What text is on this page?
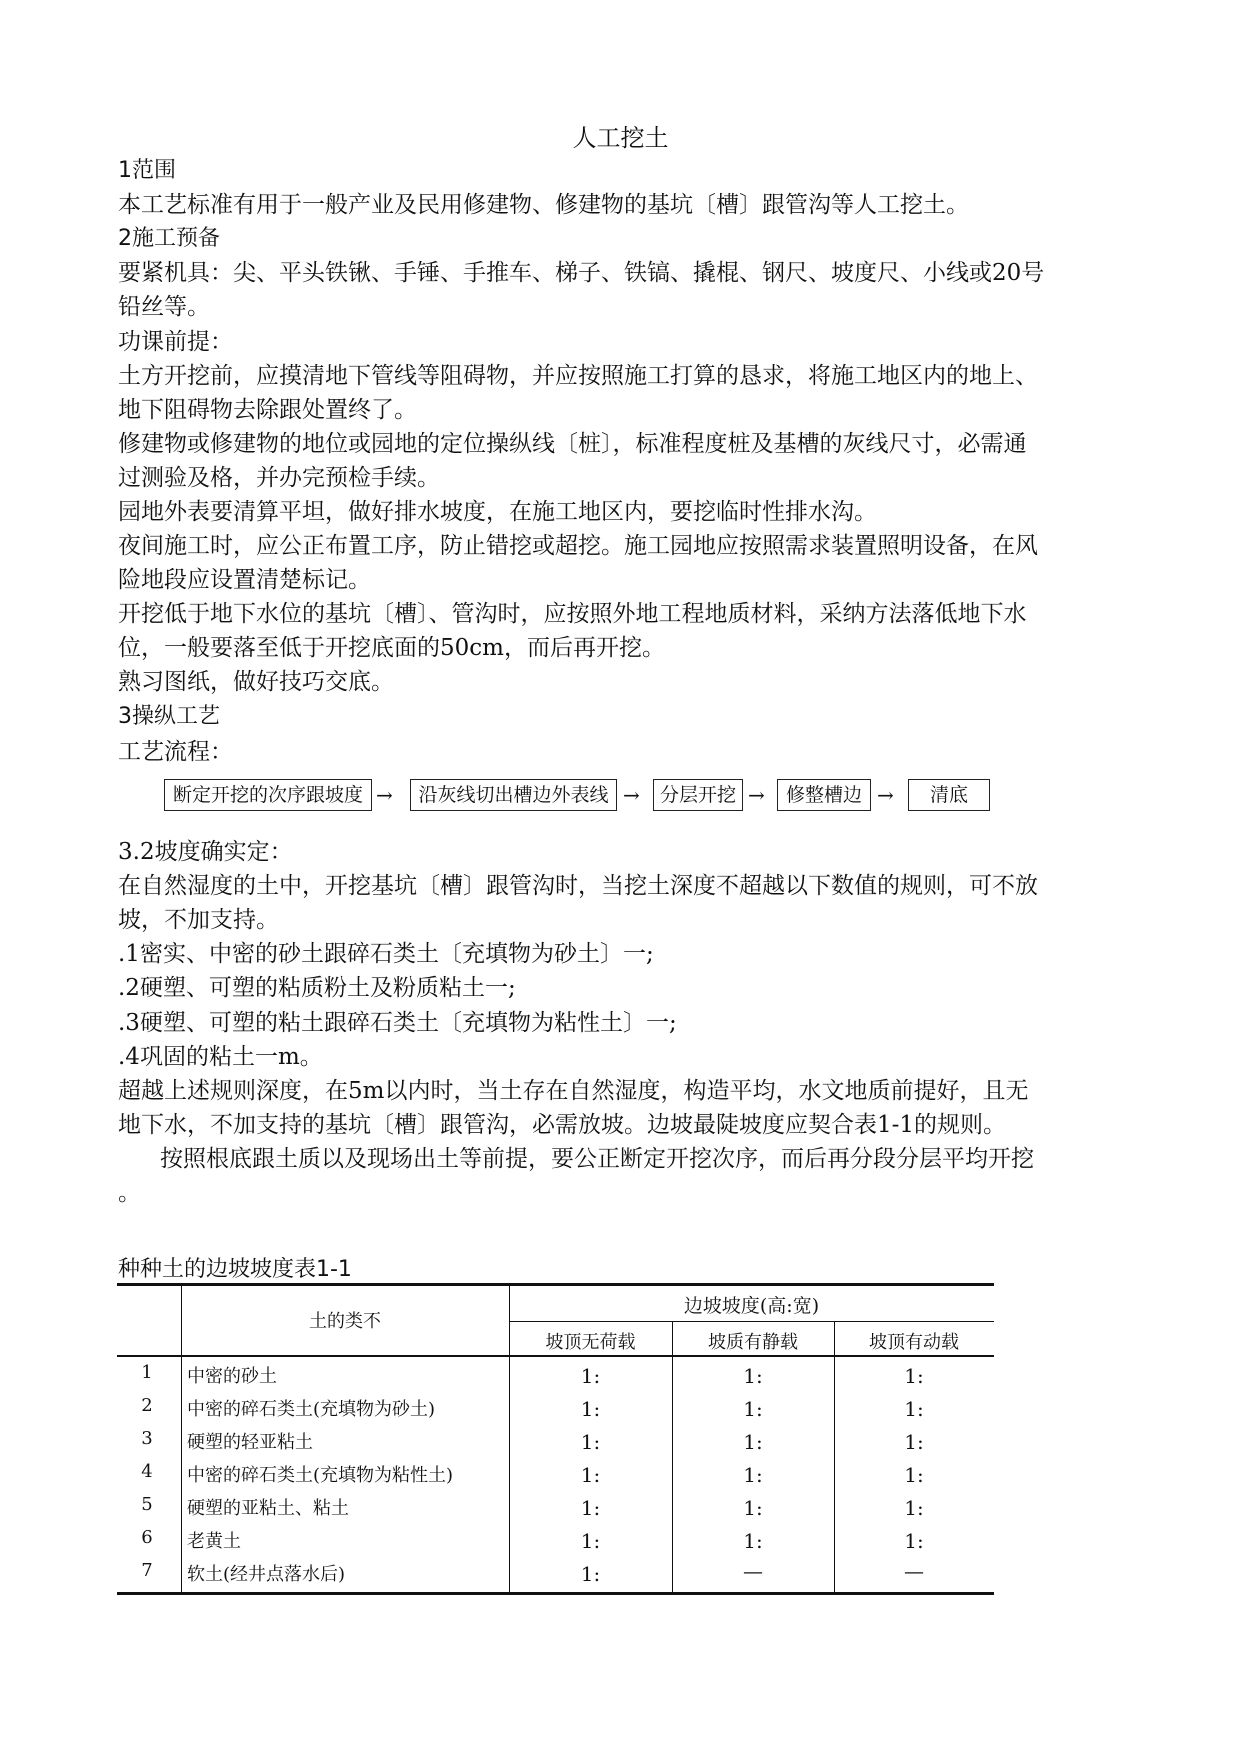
人工挖土
1范围
本工艺标准有用于一般产业及民用修建物、修建物的基坑〔槽〕跟管沟等人工挖土。
2施工预备
要紧机具：尖、平头铁锹、手锤、手推车、梯子、铁镐、撬棍、钢尺、坡度尺、小线或20号
铅丝等。
功课前提：
土方开挖前，应摸清地下管线等阻碍物，并应按照施工打算的恳求，将施工地区内的地上、
地下阻碍物去除跟处置终了。
修建物或修建物的地位或园地的定位操纵线〔桩〕，标准程度桩及基槽的灰线尺寸，必需通
过测验及格，并办完预检手续。
园地外表要清算平坦，做好排水坡度，在施工地区内，要挖临时性排水沟。
夜间施工时，应公正布置工序，防止错挖或超挖。施工园地应按照需求装置照明设备，在风
险地段应设置清楚标记。
开挖低于地下水位的基坑〔槽〕、管沟时，应按照外地工程地质材料，采纳方法落低地下水
位，一般要落至低于开挖底面的50cm，而后再开挖。
熟习图纸，做好技巧交底。
3操纵工艺
工艺流程：
断定开挖的次序跟坡度 →	沿灰线切出槽边外表线 →	分层开挖 →	修整槽边 →	清底
3.2坡度确实定：
在自然湿度的土中，开挖基坑〔槽〕跟管沟时，当挖土深度不超越以下数值的规则，可不放
坡，不加支持。
.1密实、中密的砂土跟碎石类土〔充填物为砂土〕一;
.2硬塑、可塑的粘质粉土及粉质粘土一;
.3硬塑、可塑的粘土跟碎石类土〔充填物为粘性土〕一;
.4巩固的粘土一m。
超越上述规则深度，在5m以内时，当土存在自然湿度，构造平均，水文地质前提好，且无
地下水，不加支持的基坑〔槽〕跟管沟，必需放坡。边坡最陡坡度应契合表1-1的规则。
按照根底跟土质以及现场出土等前提，要公正断定开挖次序，而后再分段分层平均开挖
。
种种土的边坡坡度表1-1
土的类不
边坡坡度(高:宽)
坡顶无荷载	坡质有静载	坡顶有动载
1	中密的砂土	1:	1:	1:
2	中密的碎石类土(充填物为砂土)	1:	1:	1:
3	硬塑的轻亚粘土	1:	1:	1:
4	中密的碎石类土(充填物为粘性土)	1:	1:	1:
5	硬塑的亚粘土、粘土	1:	1:	1:
6	老黄土	1:	1:	1:
7	软土(经井点落水后)	1:	—	—
